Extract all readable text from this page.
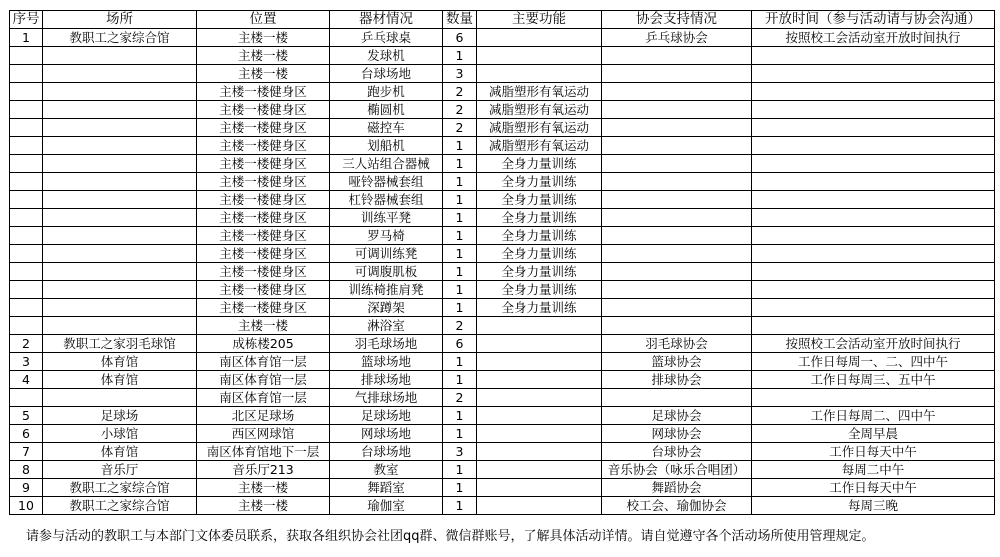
序号	场所	位置	器材情况	数量	主要功能	协会支持情况	开放时间（参与活动请与协会沟通）
1	教职工之家综合馆	主楼一楼	乒乓球桌	6		乒乓球协会	按照校工会活动室开放时间执行
		主楼一楼	发球机	1			
		主楼一楼	台球场地	3			
		主楼一楼健身区	跑步机	2	减脂塑形有氧运动		
		主楼一楼健身区	椭圆机	2	减脂塑形有氧运动		
		主楼一楼健身区	磁控车	2	减脂塑形有氧运动		
		主楼一楼健身区	划船机	1	减脂塑形有氧运动		
		主楼一楼健身区	三人站组合器械	1	全身力量训练		
		主楼一楼健身区	哑铃器械套组	1	全身力量训练		
		主楼一楼健身区	杠铃器械套组	1	全身力量训练		
		主楼一楼健身区	训练平凳	1	全身力量训练		
		主楼一楼健身区	罗马椅	1	全身力量训练		
		主楼一楼健身区	可调训练凳	1	全身力量训练		
		主楼一楼健身区	可调腹肌板	1	全身力量训练		
		主楼一楼健身区	训练椅推肩凳	1	全身力量训练		
		主楼一楼健身区	深蹲架	1	全身力量训练		
		主楼一楼	淋浴室	2			
2	教职工之家羽毛球馆	成栋楼205	羽毛球场地	6		羽毛球协会	按照校工会活动室开放时间执行
3	体育馆	南区体育馆一层	篮球场地	1		篮球协会	工作日每周一、二、四中午
4	体育馆	南区体育馆一层	排球场地	1		排球协会	工作日每周三、五中午
		南区体育馆一层	气排球场地	2			
5	足球场	北区足球场	足球场地	1		足球协会	工作日每周二、四中午
6	小球馆	西区网球馆	网球场地	1		网球协会	全周早晨
7	体育馆	南区体育馆地下一层	台球场地	3		台球协会	工作日每天中午
8	音乐厅	音乐厅213	教室	1		音乐协会（咏乐合唱团）	每周二中午
9	教职工之家综合馆	主楼一楼	舞蹈室	1		舞蹈协会	工作日每天中午
10	教职工之家综合馆	主楼一楼	瑜伽室	1		校工会、瑜伽协会	每周三晚
请参与活动的教职工与本部门文体委员联系，获取各组织协会社团qq群、微信群账号，了解具体活动详情。请自觉遵守各个活动场所使用管理规定。
